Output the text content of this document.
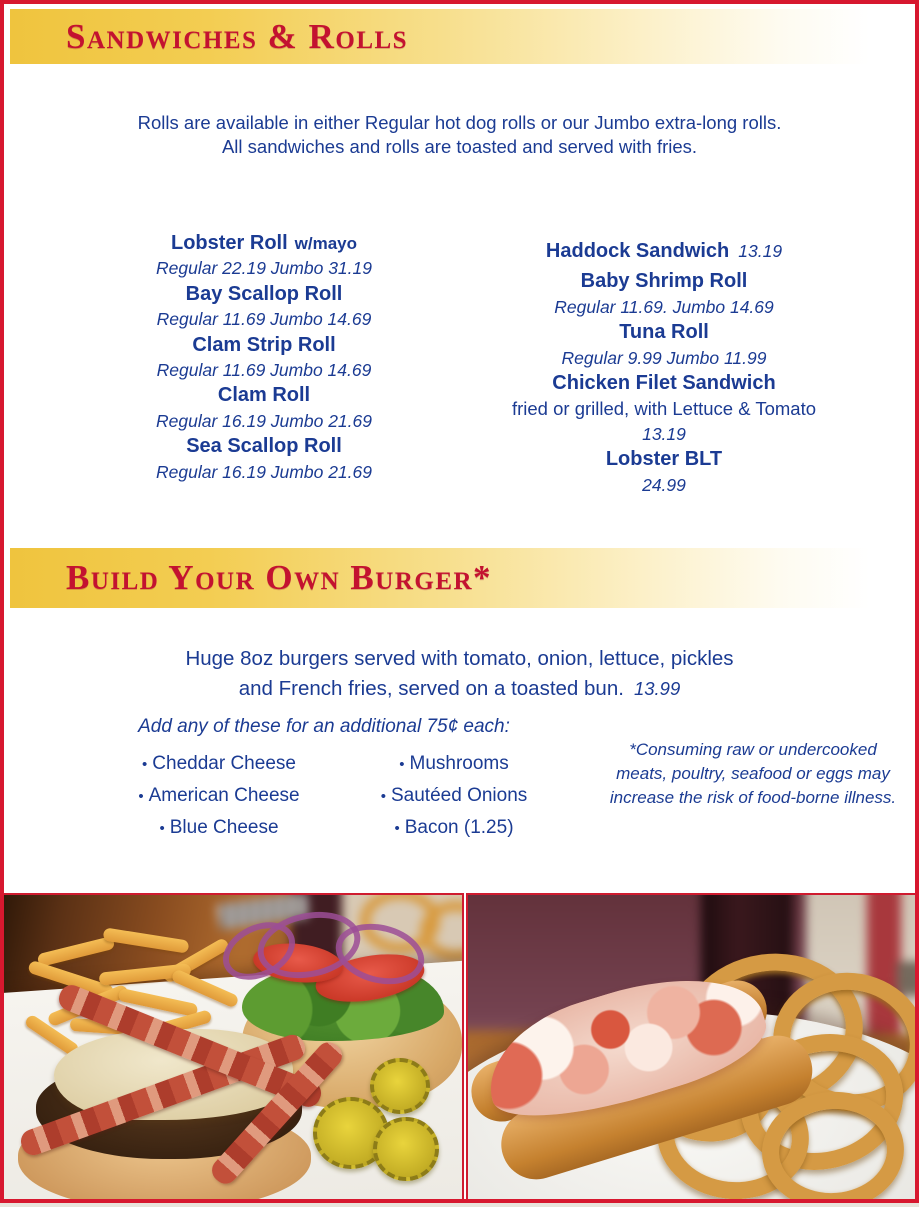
Sandwiches & Rolls
Rolls are available in either Regular hot dog rolls or our Jumbo extra-long rolls.
All sandwiches and rolls are toasted and served with fries.
Lobster Roll w/mayo
Regular 22.19 Jumbo 31.19
Bay Scallop Roll
Regular 11.69 Jumbo 14.69
Clam Strip Roll
Regular 11.69 Jumbo 14.69
Clam Roll
Regular 16.19 Jumbo 21.69
Sea Scallop Roll
Regular 16.19 Jumbo 21.69
Haddock Sandwich 13.19
Baby Shrimp Roll
Regular 11.69. Jumbo 14.69
Tuna Roll
Regular 9.99 Jumbo 11.99
Chicken Filet Sandwich
fried or grilled, with Lettuce & Tomato
13.19
Lobster BLT
24.99
Build Your Own Burger*
Huge 8oz burgers served with tomato, onion, lettuce, pickles
and French fries, served on a toasted bun. 13.99
Add any of these for an additional 75¢ each:
• Cheddar Cheese
• American Cheese
• Blue Cheese
• Mushrooms
• Sautéed Onions
• Bacon (1.25)
*Consuming raw or undercooked
meats, poultry, seafood or eggs may
increase the risk of food-borne illness.
